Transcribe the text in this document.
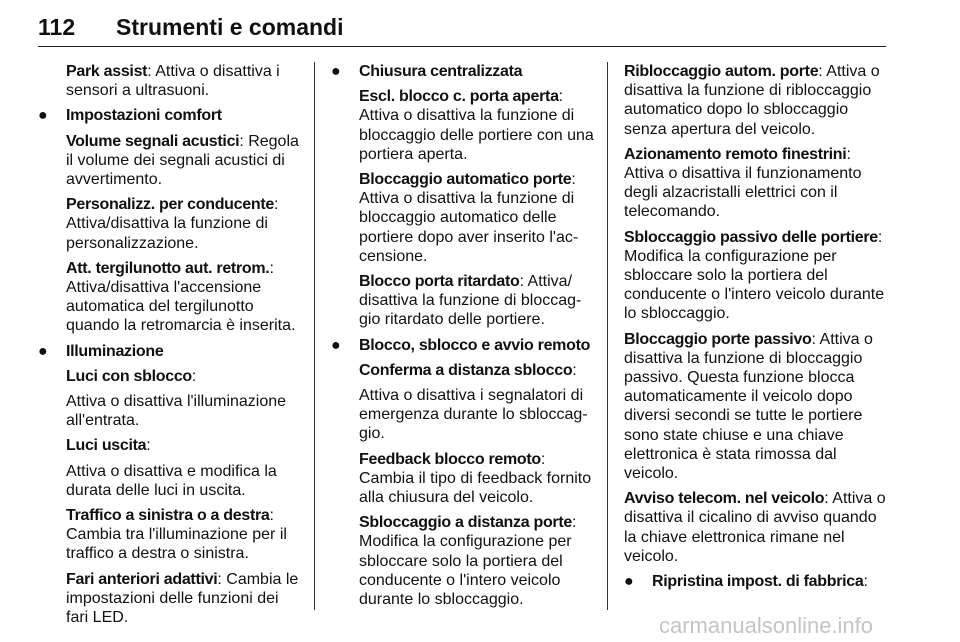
112 Strumenti e comandi
Park assist: Attiva o disattiva i sensori a ultrasuoni.
● Impostazioni comfort
Volume segnali acustici: Regola il volume dei segnali acustici di avvertimento.
Personalizz. per conducente: Attiva/disattiva la funzione di personalizzazione.
Att. tergilunotto aut. retrom.: Attiva/disattiva l'accensione automatica del tergilunotto quando la retromarcia è inserita.
● Illuminazione
Luci con sblocco:
Attiva o disattiva l'illuminazione all'entrata.
Luci uscita:
Attiva o disattiva e modifica la durata delle luci in uscita.
Traffico a sinistra o a destra: Cambia tra l'illuminazione per il traffico a destra o sinistra.
Fari anteriori adattivi: Cambia le impostazioni delle funzioni dei fari LED.
● Chiusura centralizzata
Escl. blocco c. porta aperta: Attiva o disattiva la funzione di bloccaggio delle portiere con una portiera aperta.
Bloccaggio automatico porte: Attiva o disattiva la funzione di bloccaggio automatico delle portiere dopo aver inserito l'accensione.
Blocco porta ritardato: Attiva/ disattiva la funzione di bloccaggio ritardato delle portiere.
● Blocco, sblocco e avvio remoto
Conferma a distanza sblocco:
Attiva o disattiva i segnalatori di emergenza durante lo sbloccaggio.
Feedback blocco remoto: Cambia il tipo di feedback fornito alla chiusura del veicolo.
Sbloccaggio a distanza porte: Modifica la configurazione per sbloccare solo la portiera del conducente o l'intero veicolo durante lo sbloccaggio.
Ribloccaggio autom. porte: Attiva o disattiva la funzione di ribloccaggio automatico dopo lo sbloccaggio senza apertura del veicolo.
Azionamento remoto finestrini: Attiva o disattiva il funzionamento degli alzacristalli elettrici con il telecomando.
Sbloccaggio passivo delle portiere: Modifica la configurazione per sbloccare solo la portiera del conducente o l'intero veicolo durante lo sbloccaggio.
Bloccaggio porte passivo: Attiva o disattiva la funzione di bloccaggio passivo. Questa funzione blocca automaticamente il veicolo dopo diversi secondi se tutte le portiere sono state chiuse e una chiave elettronica è stata rimossa dal veicolo.
Avviso telecom. nel veicolo: Attiva o disattiva il cicalino di avviso quando la chiave elettronica rimane nel veicolo.
● Ripristina impost. di fabbrica:
carmanualsonline.info
